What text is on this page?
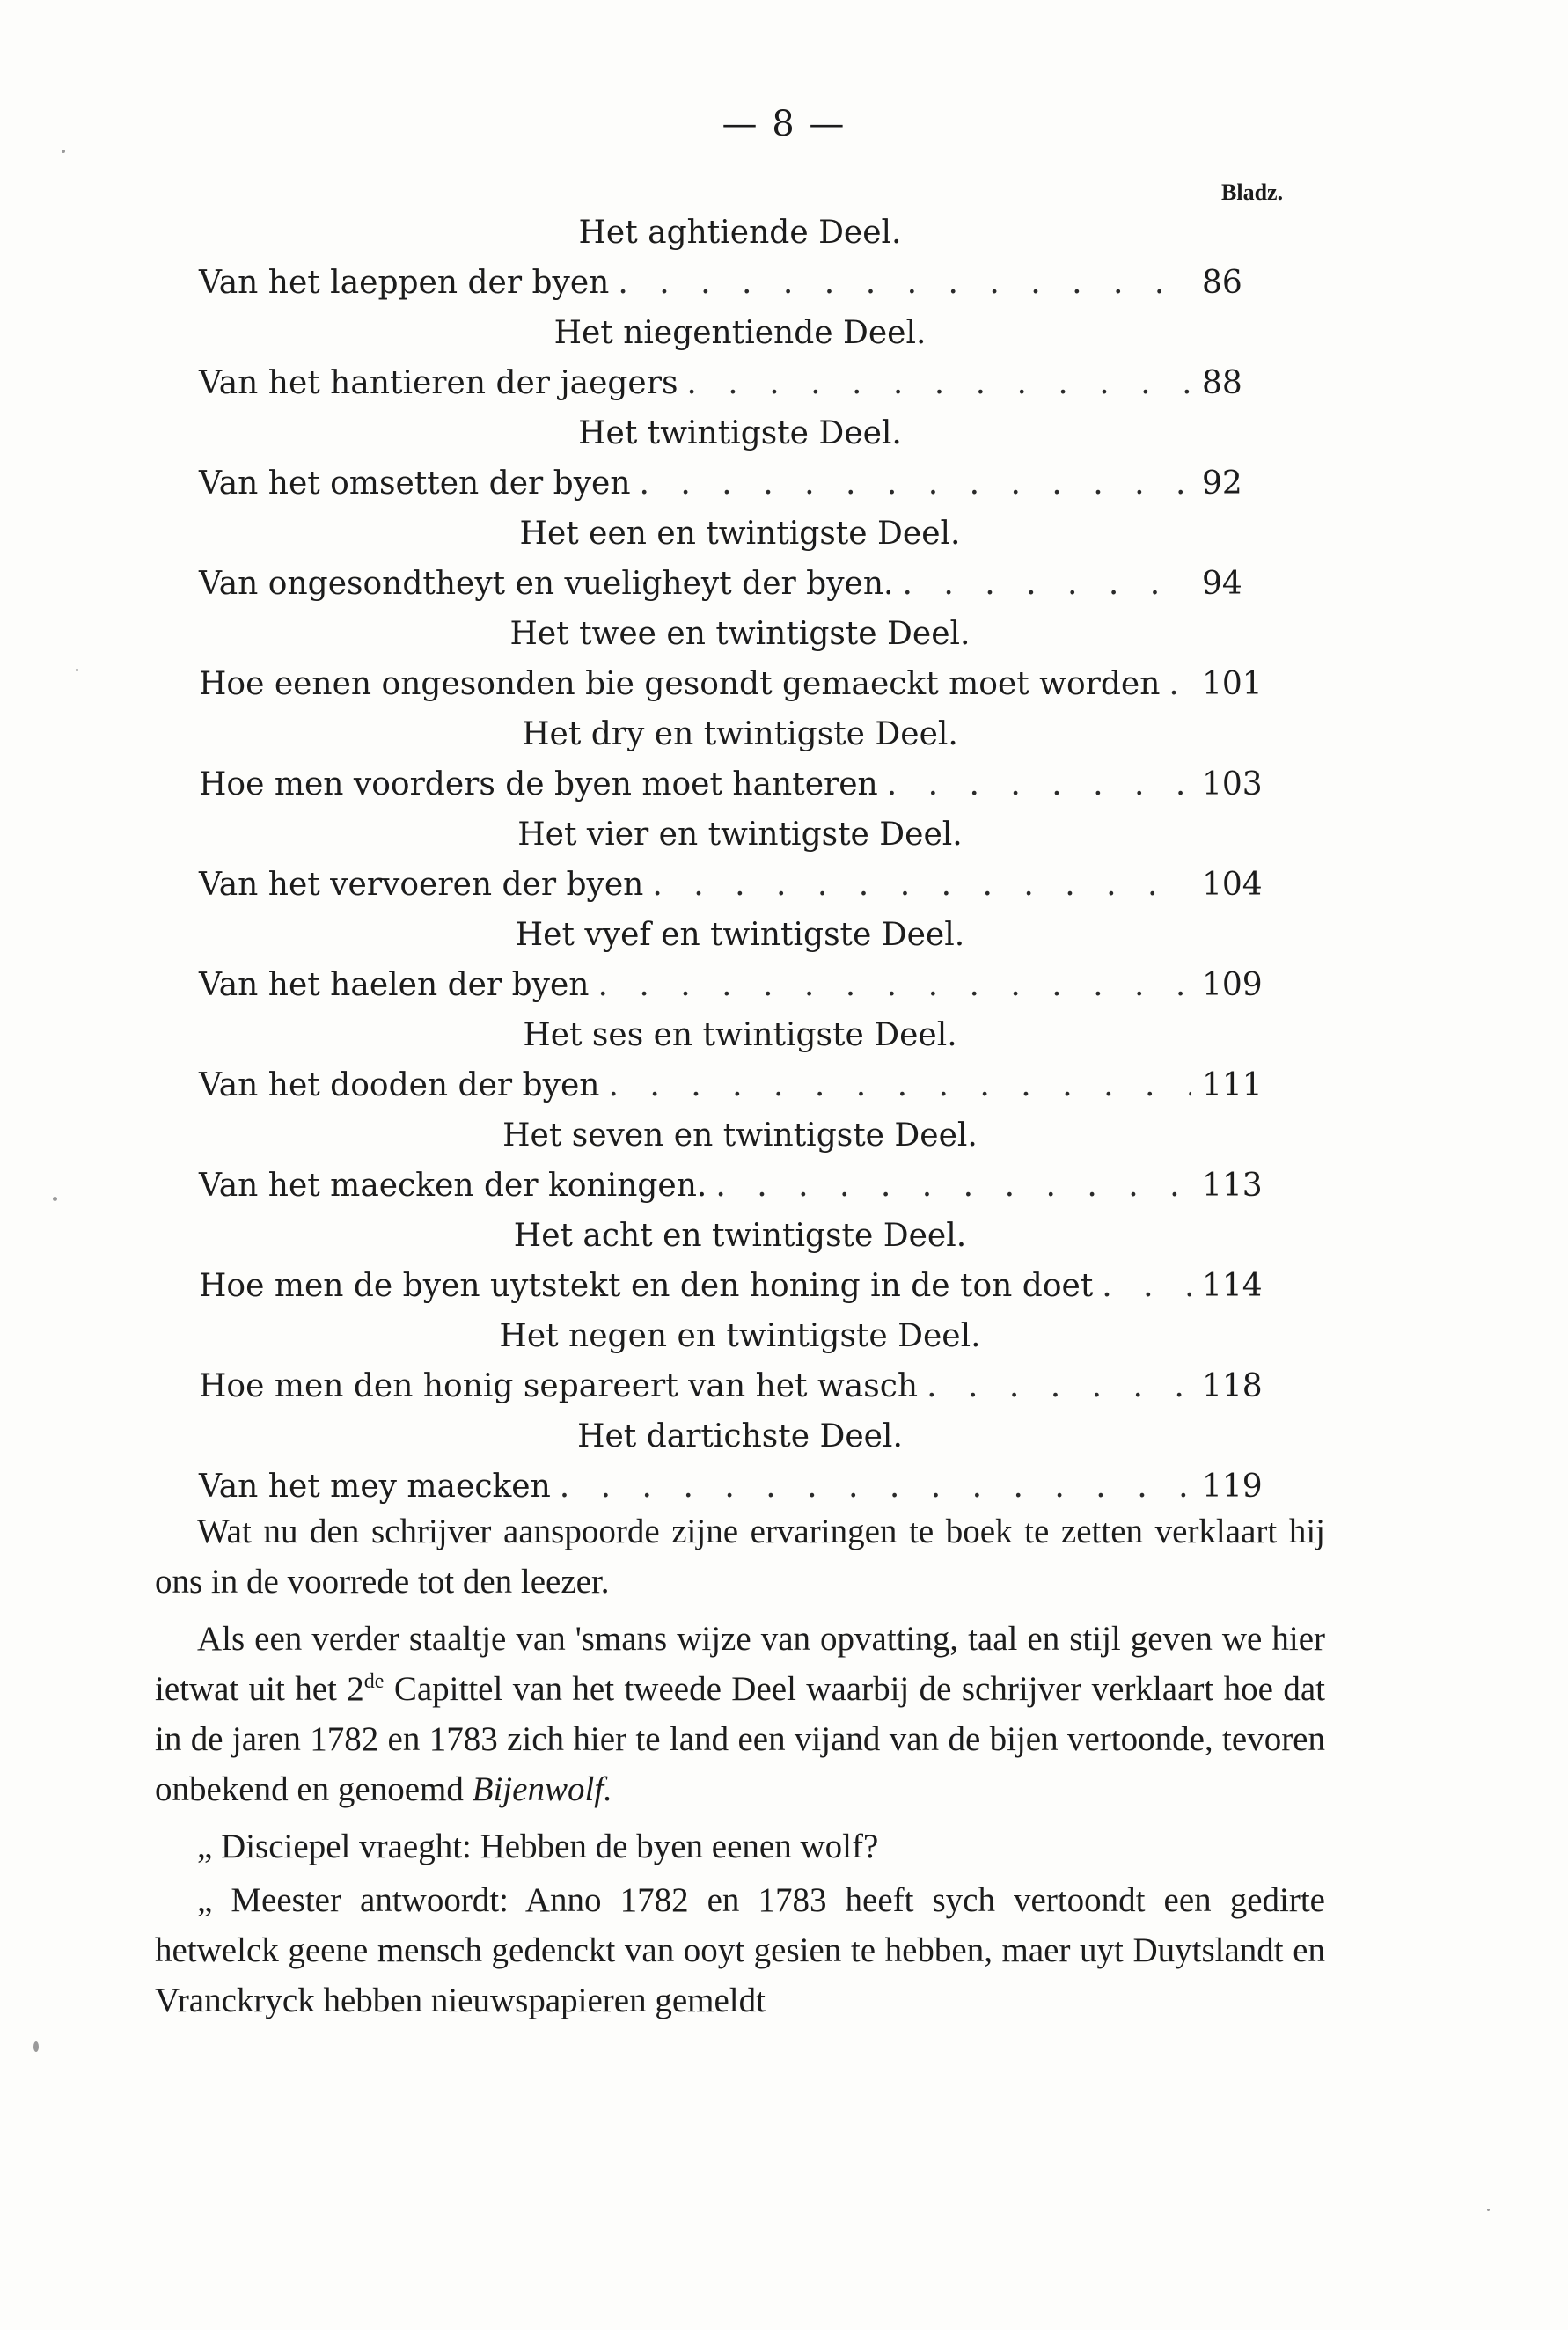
— 8 —
Bladz.
Het aghtiende Deel.
Van het laeppen der byen . . .	86
Het niegentiende Deel.
Van het hantieren der jaegers . . .	88
Het twintigste Deel.
Van het omsetten der byen . . .	92
Het een en twintigste Deel.
Van ongesondtheyt en vueligheyt der byen. . . .	94
Het twee en twintigste Deel.
Hoe eenen ongesonden bie gesondt gemaeckt moet worden . . . 101
Het dry en twintigste Deel.
Hoe men voorders de byen moet hanteren . . .	103
Het vier en twintigste Deel.
Van het vervoeren der byen . . .	104
Het vyef en twintigste Deel.
Van het haelen der byen . . .	109
Het ses en twintigste Deel.
Van het dooden der byen . . .	111
Het seven en twintigste Deel.
Van het maecken der koningen. . . .	113
Het acht en twintigste Deel.
Hoe men de byen uytstekt en den honing in de ton doet . . .	114
Het negen en twintigste Deel.
Hoe men den honig separeert van het wasch . . .	118
Het dartichste Deel.
Van het mey maecken . . .	119

Wat nu den schrijver aanspoorde zijne ervaringen te boek te zetten verklaart hij ons in de voorrede tot den leezer.

Als een verder staaltje van 'smans wijze van opvatting, taal en stijl geven we hier ietwat uit het 2de Capittel van het tweede Deel waarbij de schrijver verklaart hoe dat in de jaren 1782 en 1783 zich hier te land een vijand van de bijen vertoonde, tevoren onbekend en genoemd Bijenwolf.

„ Disciepel vraeght: Hebben de byen eenen wolf?

„ Meester antwoordt: Anno 1782 en 1783 heeft sych vertoondt een gedirte hetwelck geene mensch gedenckt van ooyt gesien te hebben, maer uyt Duytslandt en Vranckryck hebben nieuwspapieren gemeldt
